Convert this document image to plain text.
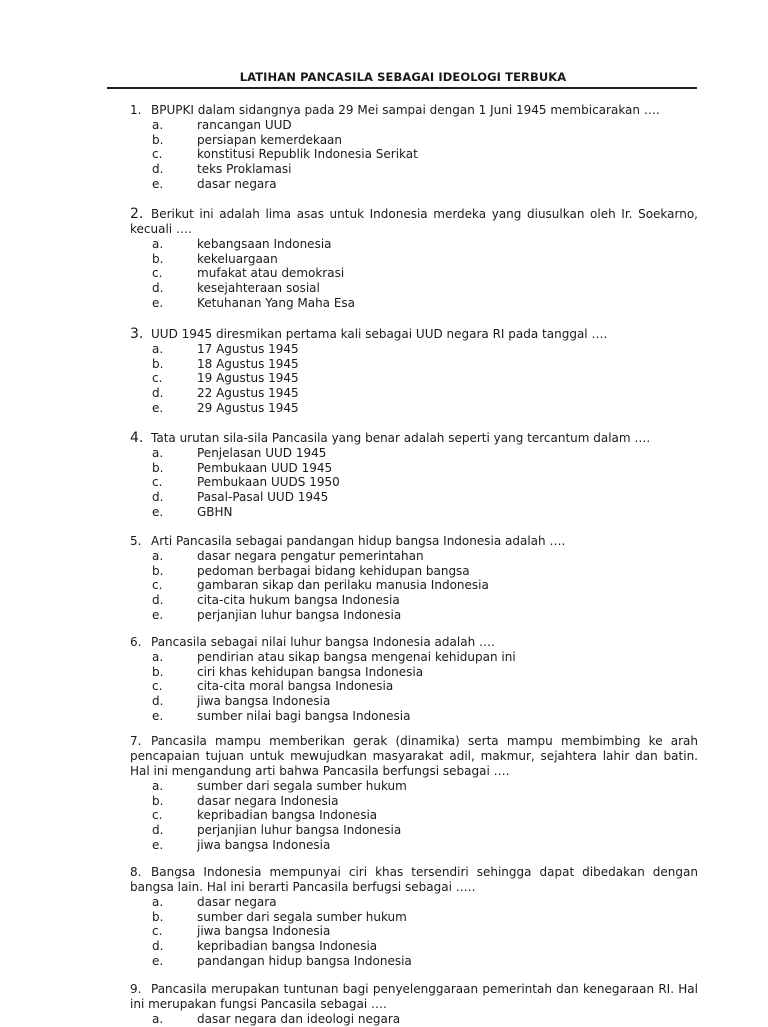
LATIHAN PANCASILA SEBAGAI IDEOLOGI TERBUKA
1. BPUPKI dalam sidangnya pada 29 Mei sampai dengan 1 Juni 1945 membicarakan ….
a.	rancangan UUD
b.	persiapan kemerdekaan
c.	konstitusi Republik Indonesia Serikat
d.	teks Proklamasi
e.	dasar negara
2. Berikut ini adalah lima asas untuk Indonesia merdeka yang diusulkan oleh Ir. Soekarno, kecuali ….
a.	kebangsaan Indonesia
b.	kekeluargaan
c.	mufakat atau demokrasi
d.	kesejahteraan sosial
e.	Ketuhanan Yang Maha Esa
3. UUD 1945 diresmikan pertama kali sebagai UUD negara RI pada tanggal ….
a.	17 Agustus 1945
b.	18 Agustus 1945
c.	19 Agustus 1945
d.	22 Agustus 1945
e.	29 Agustus 1945
4. Tata urutan sila-sila Pancasila yang benar adalah seperti yang tercantum dalam ….
a.	Penjelasan UUD 1945
b.	Pembukaan UUD 1945
c.	Pembukaan UUDS 1950
d.	Pasal-Pasal UUD 1945
e.	GBHN
5. Arti Pancasila sebagai pandangan hidup bangsa Indonesia adalah ….
a.	dasar negara pengatur pemerintahan
b.	pedoman berbagai bidang kehidupan bangsa
c.	gambaran sikap dan perilaku manusia Indonesia
d.	cita-cita hukum bangsa Indonesia
e.	perjanjian luhur bangsa Indonesia
6. Pancasila sebagai nilai luhur bangsa Indonesia adalah ….
a.	pendirian atau sikap bangsa mengenai kehidupan ini
b.	ciri khas kehidupan bangsa Indonesia
c.	cita-cita moral bangsa Indonesia
d.	jiwa bangsa Indonesia
e.	sumber nilai bagi bangsa Indonesia
7. Pancasila mampu memberikan gerak (dinamika) serta mampu membimbing ke arah pencapaian tujuan untuk mewujudkan masyarakat adil, makmur, sejahtera lahir dan batin. Hal ini mengandung arti bahwa Pancasila berfungsi sebagai ….
a.	sumber dari segala sumber hukum
b.	dasar negara Indonesia
c.	kepribadian bangsa Indonesia
d.	perjanjian luhur bangsa Indonesia
e.	jiwa bangsa Indonesia
8. Bangsa Indonesia mempunyai ciri khas tersendiri sehingga dapat dibedakan dengan bangsa lain. Hal ini berarti Pancasila berfugsi sebagai …..
a.	dasar negara
b.	sumber dari segala sumber hukum
c.	jiwa bangsa Indonesia
d.	kepribadian bangsa Indonesia
e.	pandangan hidup bangsa Indonesia
9. Pancasila merupakan tuntunan bagi penyelenggaraan pemerintah dan kenegaraan RI. Hal ini merupakan fungsi Pancasila sebagai ….
a.	dasar negara dan ideologi negara
